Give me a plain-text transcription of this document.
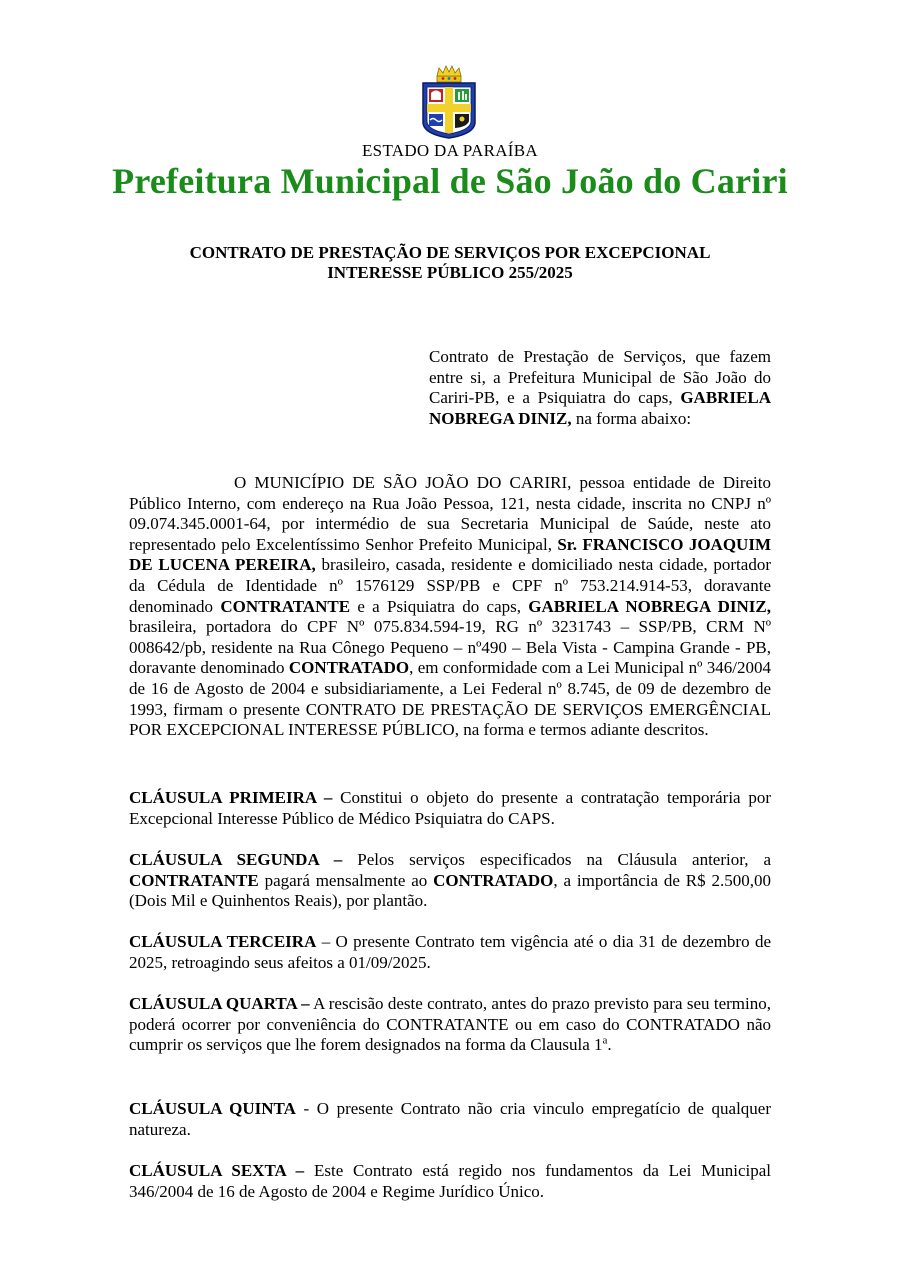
ESTADO DA PARAÍBA
Prefeitura Municipal de São João do Cariri
CONTRATO DE PRESTAÇÃO DE SERVIÇOS POR EXCEPCIONAL
INTERESSE PÚBLICO 255/2025
Contrato de Prestação de Serviços, que fazem entre si, a Prefeitura Municipal de São João do Cariri-PB, e a Psiquiatra do caps, GABRIELA NOBREGA DINIZ, na forma abaixo:
O MUNICÍPIO DE SÃO JOÃO DO CARIRI, pessoa entidade de Direito Público Interno, com endereço na Rua João Pessoa, 121, nesta cidade, inscrita no CNPJ nº 09.074.345.0001-64, por intermédio de sua Secretaria Municipal de Saúde, neste ato representado pelo Excelentíssimo Senhor Prefeito Municipal, Sr. FRANCISCO JOAQUIM DE LUCENA PEREIRA, brasileiro, casada, residente e domiciliado nesta cidade, portador da Cédula de Identidade nº 1576129 SSP/PB e CPF nº 753.214.914-53, doravante denominado CONTRATANTE e a Psiquiatra do caps, GABRIELA NOBREGA DINIZ, brasileira, portadora do CPF Nº 075.834.594-19, RG nº 3231743 – SSP/PB, CRM Nº 008642/pb, residente na Rua Cônego Pequeno – nº490 – Bela Vista - Campina Grande - PB, doravante denominado CONTRATADO, em conformidade com a Lei Municipal nº 346/2004 de 16 de Agosto de 2004 e subsidiariamente, a Lei Federal nº 8.745, de 09 de dezembro de 1993, firmam o presente CONTRATO DE PRESTAÇÃO DE SERVIÇOS EMERGÊNCIAL POR EXCEPCIONAL INTERESSE PÚBLICO, na forma e termos adiante descritos.
CLÁUSULA PRIMEIRA – Constitui o objeto do presente a contratação temporária por Excepcional Interesse Público de Médico Psiquiatra do CAPS.
CLÁUSULA SEGUNDA – Pelos serviços especificados na Cláusula anterior, a CONTRATANTE pagará mensalmente ao CONTRATADO, a importância de R$ 2.500,00 (Dois Mil e Quinhentos Reais), por plantão.
CLÁUSULA TERCEIRA – O presente Contrato tem vigência até o dia 31 de dezembro de 2025, retroagindo seus afeitos a 01/09/2025.
CLÁUSULA QUARTA – A rescisão deste contrato, antes do prazo previsto para seu termino, poderá ocorrer por conveniência do CONTRATANTE ou em caso do CONTRATADO não cumprir os serviços que lhe forem designados na forma da Clausula 1$^a$.
CLÁUSULA QUINTA - O presente Contrato não cria vinculo empregatício de qualquer natureza.
CLÁUSULA SEXTA – Este Contrato está regido nos fundamentos da Lei Municipal 346/2004 de 16 de Agosto de 2004 e Regime Jurídico Único.
